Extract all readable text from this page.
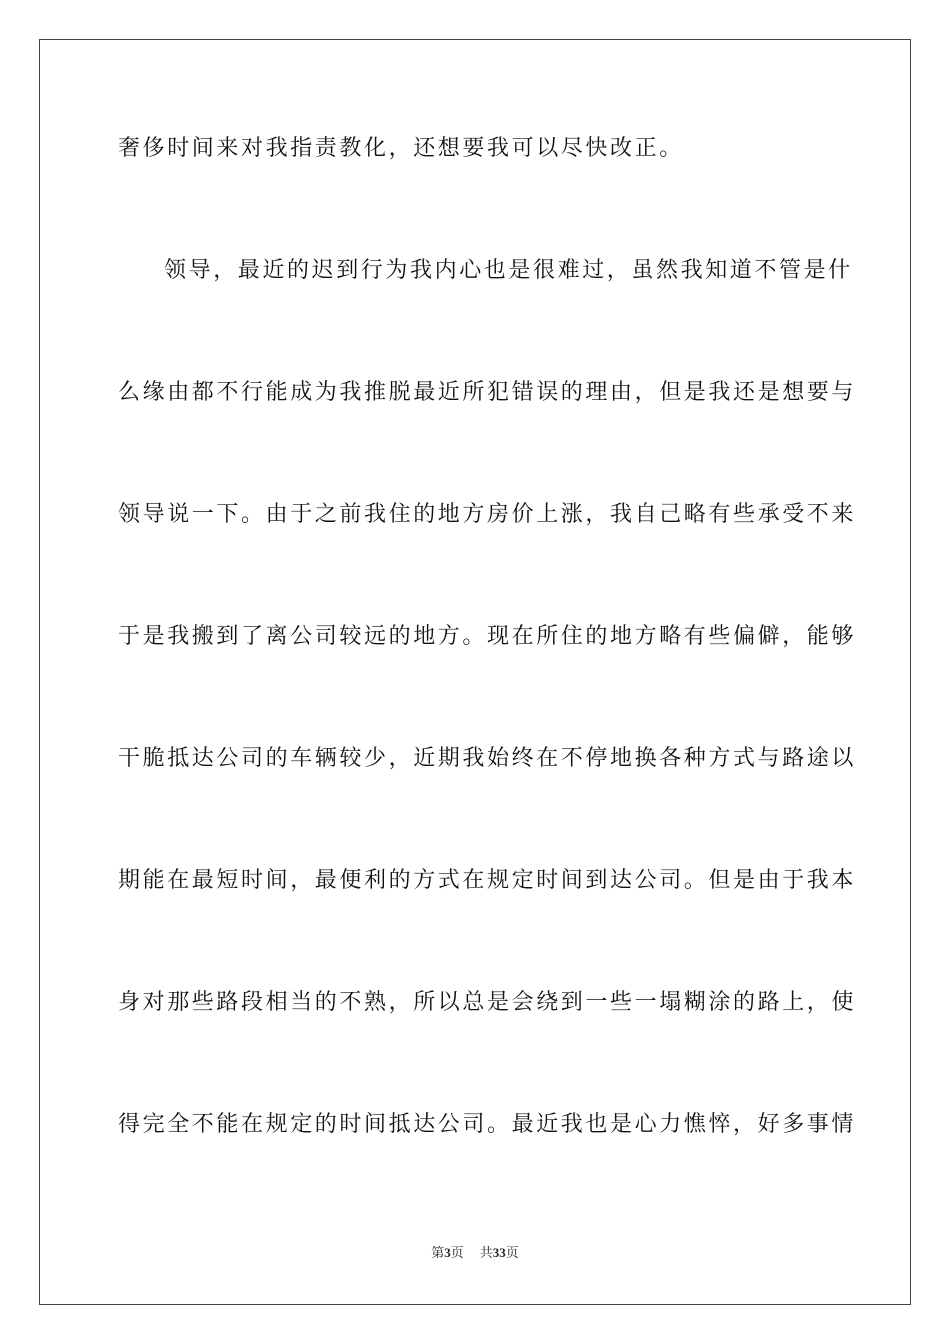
奢侈时间来对我指责教化，还想要我可以尽快改正。
领导，最近的迟到行为我内心也是很难过，虽然我知道不管是什
么缘由都不行能成为我推脱最近所犯错误的理由，但是我还是想要与
领导说一下。由于之前我住的地方房价上涨，我自己略有些承受不来
于是我搬到了离公司较远的地方。现在所住的地方略有些偏僻，能够
干脆抵达公司的车辆较少，近期我始终在不停地换各种方式与路途以
期能在最短时间，最便利的方式在规定时间到达公司。但是由于我本
身对那些路段相当的不熟，所以总是会绕到一些一塌糊涂的路上，使
得完全不能在规定的时间抵达公司。最近我也是心力憔悴，好多事情
第3页 共33页
